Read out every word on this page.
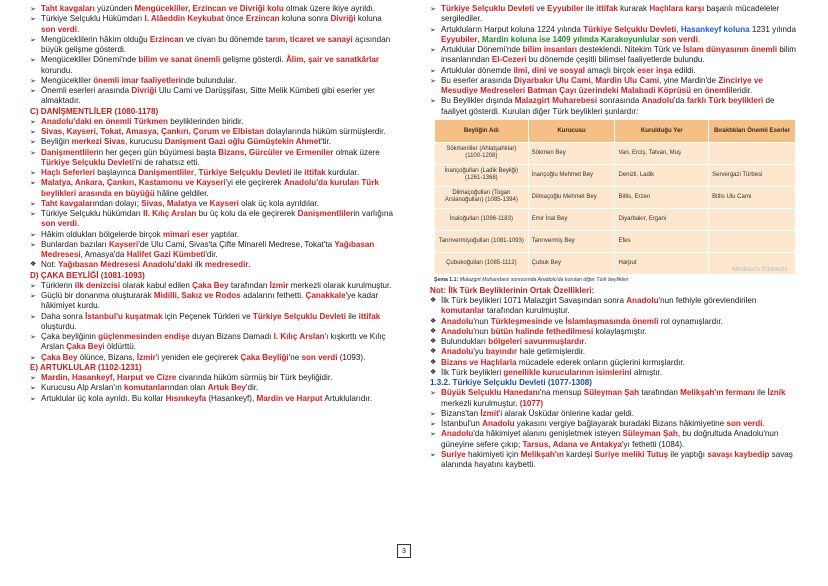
➢ Taht kavgaları yüzünden Mengücekliler, Erzincan ve Divriği kolu olmak üzere ikiye ayrıldı.

➢ Türkiye Selçuklu Hükümdarı I. Alâeddin Keykubat önce Erzincan koluna sonra Divriği koluna son verdi.

➢ Mengüceklilerin hâkim olduğu Erzincan ve civarı bu dönemde tarım, ticaret ve sanayi açısından büyük gelişme gösterdi.

➢ Mengücekliler Dönemi'nde bilim ve sanat önemli gelişme gösterdi. Âlim, şair ve sanatkârlar korundu.

➢ Mengücekliler önemli imar faaliyetlerinde bulundular.

➢ Önemli eserleri arasında Divriği Ulu Cami ve Darüşşifası, Sitte Melik Kümbeti gibi eserler yer almaktadır.

C) DANİŞMENTLİLER (1080-1178)

➢ Anadolu'daki en önemli Türkmen beyliklerinden biridir.

➢ Sivas, Kayseri, Tokat, Amasya, Çankırı, Çorum ve Elbistan dolaylarında hüküm sürmüşlerdir.

➢ Beyliğin merkezi Sivas, kurucusu Danişment Gazi oğlu Gümüştekin Ahmet'tir.

➢ Danişmentlilerin her geçen gün büyümesi başta Bizans, Gürcüler ve Ermeniler olmak üzere Türkiye Selçuklu Devleti'ni de rahatsız etti.

➢ Haçlı Seferleri başlayınca Danişmentliler, Türkiye Selçuklu Devleti ile ittifak kurdular.

➢ Malatya, Ankara, Çankırı, Kastamonu ve Kayseri'yi ele geçirerek Anadolu'da kurulan Türk beylikleri arasında en büyüğü hâline geldiler.

➢ Taht kavgalarından dolayı; Sivas, Malatya ve Kayseri olak üç kola ayrıldılar.

➢ Türkiye Selçuklu hükümdarı II. Kılıç Arslan bu üç kolu da ele geçirerek Danişmentlilerin varlığına son verdi.

➢ Hâkim oldukları bölgelerde birçok mimari eser yaptılar.

➢ Bunlardan bazıları Kayseri'de Ulu Cami, Sivas'ta Çifte Minareli Medrese, Tokat'ta Yağıbasan Medresesi, Amasya'da Halifet Gazi Kümbeti'dir.

❖ Not: Yağıbasan Medresesi Anadolu'daki ilk medresedir.

D) ÇAKA BEYLİĞİ (1081-1093)

➢ Türklerin ilk denizcisi olarak kabul edilen Çaka Bey tarafından İzmir merkezli olarak kurulmuştur.

➢ Güçlü bir donanma oluşturarak Midilli, Sakız ve Rodos adalarını fethetti. Çanakkale'ye kadar hâkimiyet kurdu.

➢ Daha sonra İstanbul'u kuşatmak için Peçenek Türkleri ve Türkiye Selçuklu Devleti ile ittifak oluşturdu.

➢ Çaka beyliğinin güçlenmesinden endişe duyan Bizans Damadı I. Kılıç Arslan'ı kışkırttı ve Kılıç Arslan Çaka Beyi öldürttü.

➢ Çaka Bey ölünce, Bizans, İzmir'i yeniden ele geçirerek Çaka Beyliği'ne son verdi (1093).

E) ARTUKLULAR (1102-1231)

➢ Mardin, Hasankeyf, Harput ve Cizre civarında hüküm sürmüş bir Türk beyliğidir.

➢ Kurucusu Alp Arslan'ın komutanlarından olan Artuk Bey'dir.

➢ Artuklular üç kola ayrıldı. Bu kollar Hısnıkeyfa (Hasankeyf), Mardin ve Harput Artuklularıdır.

➢ Türkiye Selçuklu Devleti ve Eyyubiler ile ittifak kurarak Haçlılara karşı başarılı mücadeleler sergilediler.

➢ Artukluların Harput koluna 1224 yılında Türkiye Selçuklu Devleti, Hasankeyf koluna 1231 yılında Eyyubiler, Mardin koluna ise 1409 yılında Karakoyunlular son verdi.

➢ Artuklular Dönemi'nde bilim insanları desteklendi. Nitekim Türk ve İslam dünyasının önemli bilim insanlarından El-Cezeri bu dönemde çeşitli bilimsel faaliyetlerde bulundu.

➢ Artuklular dönemde ilmî, dinî ve sosyal amaçlı birçok eser inşa edildi.

➢ Bu eserler arasında Diyarbakır Ulu Cami, Mardin Ulu Cami, yine Mardin'de Zinciriye ve Mesudiye Medreseleri Batman Çayı üzerindeki Malabadi Köprüsü en önemlileridir.

➢ Bu Beylikler dışında Malazgirt Muharebesi sonrasında Anadolu'da farklı Türk beylikleri de faaliyet gösterdi. Kurulan diğer Türk beylikleri şunlardır:

Beyliğin Adı	Kurucusu	Kurulduğu Yer	Bıraktıkları Önemli Eserler
Sökmenliler (Ahlatşahlılar) (1100-1208)	Sökmen Bey	Van, Erciş, Tatvan, Muş	
İnançoğulları (Ladik Beyliği) (1261-1368)	İnançoğlu Mehmet Bey	Denizli, Ladik	Servergazi Türbesi
Dilmaçoğulları (Togan Arslanoğulları) (1085-1394)	Dilmaçoğlu Mehmet Bey	Bitlis, Erzen	Bitlis Ulu Cami
İnaloğulları (1096-1183)	Emir İnal Bey	Diyarbakır, Ergani	
Tanrıvermişoğulları (1081-1093)	Tanrıvermiş Bey	Efes	
Çubukoğulları (1085-1112)	Çubuk Bey	Harput	
Windows'u Etkinleştir

Şema 1.1: Malazgirt Muharebesi sonrasında Anadolu'da kurulan diğer Türk beylikleri

Not: İlk Türk Beyliklerinin Ortak Özellikleri:

❖ İlk Türk beylikleri 1071 Malazgirt Savaşından sonra Anadolu'nun fethiyle görevlendirilen komutanlar tarafından kurulmuştur.

❖ Anadolu'nun Türkleşmesinde ve İslamlaşmasında önemli rol oynamışlardır.

❖ Anadolu'nun bütün halinde fethedilmesi kolaylaşmıştır.

❖ Bulundukları bölgeleri savunmuşlardır.

❖ Anadolu'yu bayındır hale getirmişlerdir.

❖ Bizans ve Haçlılarla mücadele ederek onların güçlerini kırmışlardır.

❖ İlk Türk beylikleri genellikle kurucularının isimlerini almıştır.

1.3.2. Türkiye Selçuklu Devleti (1077-1308)

➢ Büyük Selçuklu Hanedanı'na mensup Süleyman Şah tarafından Melikşah'ın fermanı ile İznik merkezli kurulmuştur. (1077)

➢ Bizans'tan İzmit'i alarak Üsküdar önlerine kadar geldi.

➢ İstanbul'un Anadolu yakasını vergiye bağlayarak buradaki Bizans hâkimiyetine son verdi.

➢ Anadolu'da hâkimiyet alanını genişletmek isteyen Süleyman Şah, bu doğrultuda Anadolu'nun güneyine sefere çıkıp; Tarsus, Adana ve Antakya'yı fethetti (1084).

➢ Suriye hakimiyeti için Melikşah'ın kardeşi Suriye meliki Tutuş ile yaptığı savaşı kaybedip savaş alanında hayatını kaybetti.

3
